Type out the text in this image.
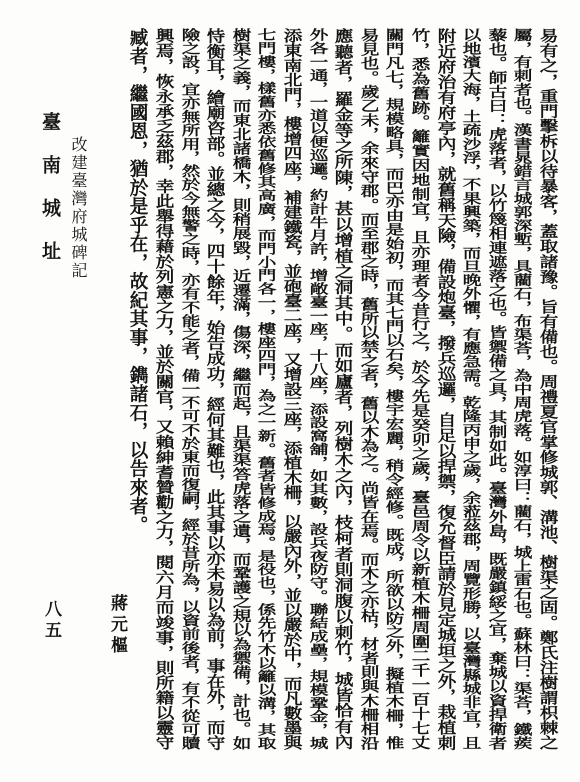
易有之，重門擊柝以待暴客，蓋取諸豫。旨有備也。周禮夏官掌修城郭、溝池、樹渠之固。鄭氏注樹謂枳棘之
屬，有刺者也。漢書晁錯言城郭深塹，具藺石，布渠荅，為中周虎落。如淳曰：藺石，城上雷石也。蘇林曰：渠荅，鐵蒺
藜也。師古曰：虎落者，以竹篾相連遮落之也。皆禦備之具，其制如此。臺灣外島，既嚴鎮綏之宜，棄城以資捍衛者
以地濱大海，土疏沙浮，不果興築，而旦晚外懼，有應急需。乾隆丙申之歲，余蒞茲郡，周覽形勝，以臺灣縣城非宜，且
附近府治有府亭內，就舊稱天險，備設炮臺，撥兵巡邏，自足以捍禦，復允督臣請於見定城垣之外，栽植刺
竹，悉為舊跡。籬實因地制宜，且亦理者今昔行之，於今先是癸卯之歲，臺邑周令以新植木柵周圍二千一百十七丈
關門凡七，規模略具，而巴亦由是始初，而其七門以石矣，樓宇宏麗，稍令經修。既成，所欲以防之外，擬植木柵，惟
易見也。歲乙未，余來守郡。而至郡之時，舊所以禁之者，舊以木為之。尚皆在焉。而木之亦枯，材者則與木柵相沿
應聽者，羅金等之所陳，甚以增植之洞其中。而如廬者，列樹木之內，枝柯者則洞腹以刺竹，城皆恰有內
外各一通，一道以便巡邏。約計牛月許，增敞臺一座，十八座，添設窩舖，如其數，設兵夜防守。聯結成壘，規模鞏金，城
添東南北門，樓增四座，補建鐵瓷，並砲臺二座，又增設三座，添植木柵，以嚴內外，並以嚴於中，而凡數墨與
七門樓，樣舊亦悉依舊修其高廣，而門小門各一，樓座四門，為之一新。舊者皆修成焉。是役也，係先竹木以籬以溝，其取
樹渠之義，而東北諸橋木，則稍展毀，近遷滿，傷深，繼而起，且渠渠答虎落之遺，而鞏護之規以為禦備，計也。如
恃衡耳，繪廟咨部。並總之今，四十餘年，始告成功，經何其難也，此其事以亦未易以為前，事在外，而守
險之設，宜亦無所用，然於今無警之時，亦有不能之者，備一不可不於東而復嗣，經於昔所為，以資前後者，有不從可贖
興焉，恢永承乏茲郡，幸此舉得藉於列憲之力，並於關官，又賴紳耆贊勸之力，閱六月而竣事，則所籍以靈守
臧者，繼國恩，猶於是乎在，故紀其事，鐫諸石，以告來者。
臺南城址 改建臺灣府城碑記
八五	蔣元樞
